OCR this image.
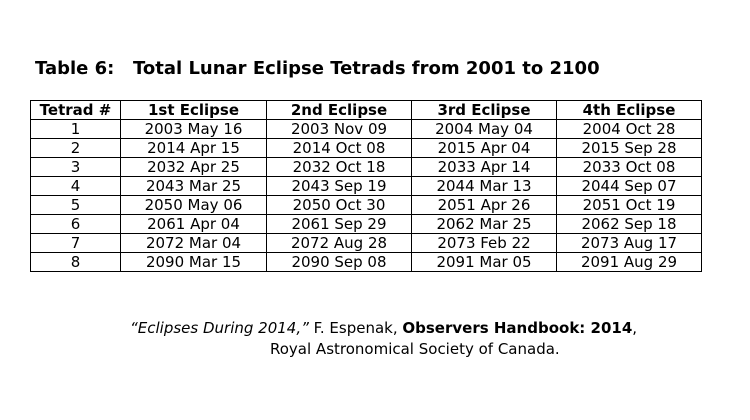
Table 6: Total Lunar Eclipse Tetrads from 2001 to 2100
Tetrad #	1st Eclipse	2nd Eclipse	3rd Eclipse	4th Eclipse
1	2003 May 16	2003 Nov 09	2004 May 04	2004 Oct 28
2	2014 Apr 15	2014 Oct 08	2015 Apr 04	2015 Sep 28
3	2032 Apr 25	2032 Oct 18	2033 Apr 14	2033 Oct 08
4	2043 Mar 25	2043 Sep 19	2044 Mar 13	2044 Sep 07
5	2050 May 06	2050 Oct 30	2051 Apr 26	2051 Oct 19
6	2061 Apr 04	2061 Sep 29	2062 Mar 25	2062 Sep 18
7	2072 Mar 04	2072 Aug 28	2073 Feb 22	2073 Aug 17
8	2090 Mar 15	2090 Sep 08	2091 Mar 05	2091 Aug 29
“Eclipses During 2014,” F. Espenak, Observers Handbook: 2014,
Royal Astronomical Society of Canada.
